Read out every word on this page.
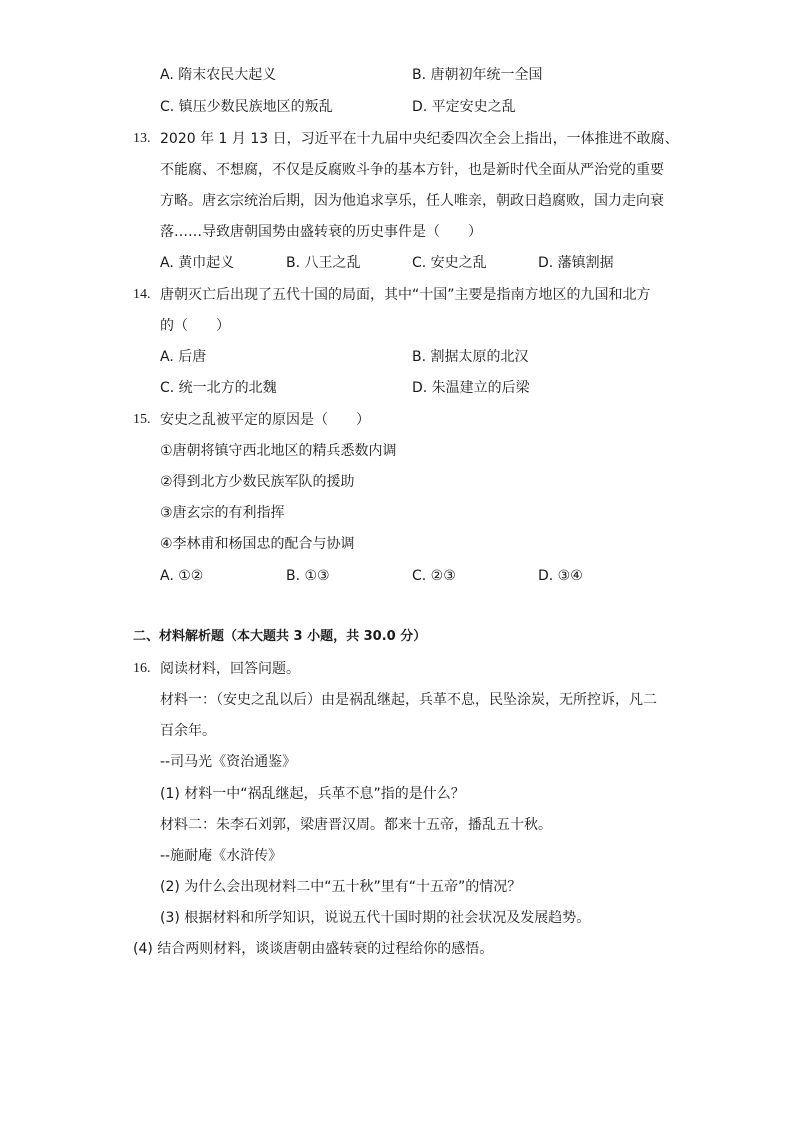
A. 隋末农民大起义	B. 唐朝初年统一全国
C. 镇压少数民族地区的叛乱	D. 平定安史之乱
13. 2020 年 1 月 13 日，习近平在十九届中央纪委四次全会上指出，一体推进不敢腐、
不能腐、不想腐，不仅是反腐败斗争的基本方针，也是新时代全面从严治党的重要
方略。唐玄宗统治后期，因为他追求享乐，任人唯亲，朝政日趋腐败，国力走向衰
落……导致唐朝国势由盛转衰的历史事件是（　　）
A. 黄巾起义	B. 八王之乱	C. 安史之乱	D. 藩镇割据
14. 唐朝灭亡后出现了五代十国的局面，其中“十国”主要是指南方地区的九国和北方
的（　　）
A. 后唐	B. 割据太原的北汉
C. 统一北方的北魏	D. 朱温建立的后梁
15. 安史之乱被平定的原因是（　　）
①唐朝将镇守西北地区的精兵悉数内调
②得到北方少数民族军队的援助
③唐玄宗的有利指挥
④李林甫和杨国忠的配合与协调
A. ①②	B. ①③	C. ②③	D. ③④
二、材料解析题（本大题共 3 小题，共 30.0 分）
16. 阅读材料，回答问题。
材料一：（安史之乱以后）由是祸乱继起，兵革不息，民坠涂炭，无所控诉，凡二
百余年。
--司马光《资治通鉴》
(1) 材料一中“祸乱继起，兵革不息”指的是什么？
材料二：朱李石刘郭，梁唐晋汉周。都来十五帝，播乱五十秋。
--施耐庵《水浒传》
(2) 为什么会出现材料二中“五十秋”里有“十五帝”的情况？
(3) 根据材料和所学知识，说说五代十国时期的社会状况及发展趋势。
(4) 结合两则材料，谈谈唐朝由盛转衰的过程给你的感悟。
